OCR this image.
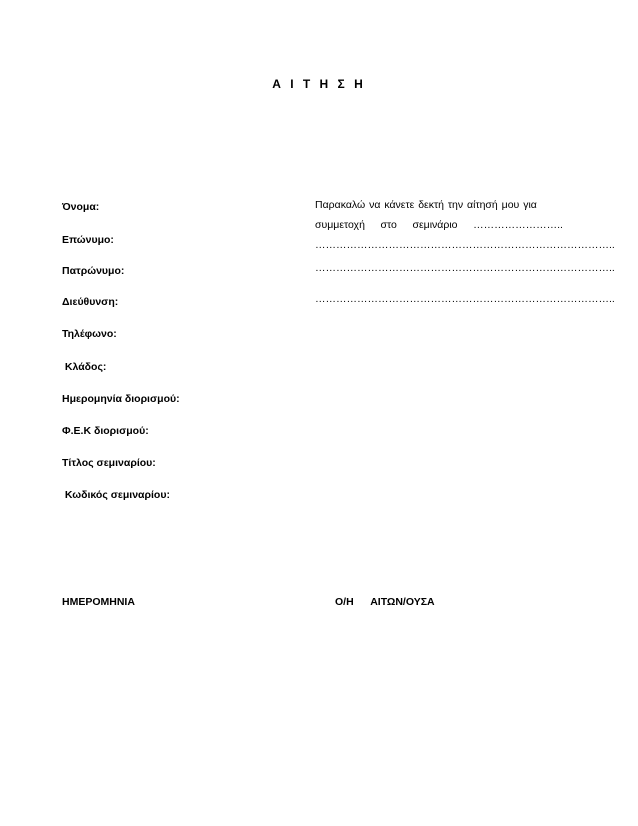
Α Ι Τ Η Σ Η
Όνομα:
Επώνυμο:
Πατρώνυμο:
Διεύθυνση:
Τηλέφωνο:
Κλάδος:
Ημερομηνία διορισμού:
Φ.Ε.Κ διορισμού:
Τίτλος σεμιναρίου:
Κωδικός σεμιναρίου:
Παρακαλώ να κάνετε δεκτή την αίτησή μου για
συμμετοχή στο σεμινάριο ……………………..
…………………………………………………………………………..
…………………………………………………………………………..
…………………………………………………………………………..
ΗΜΕΡΟΜΗΝΙΑ	Ο/Η ΑΙΤΩΝ/ΟΥΣΑ
